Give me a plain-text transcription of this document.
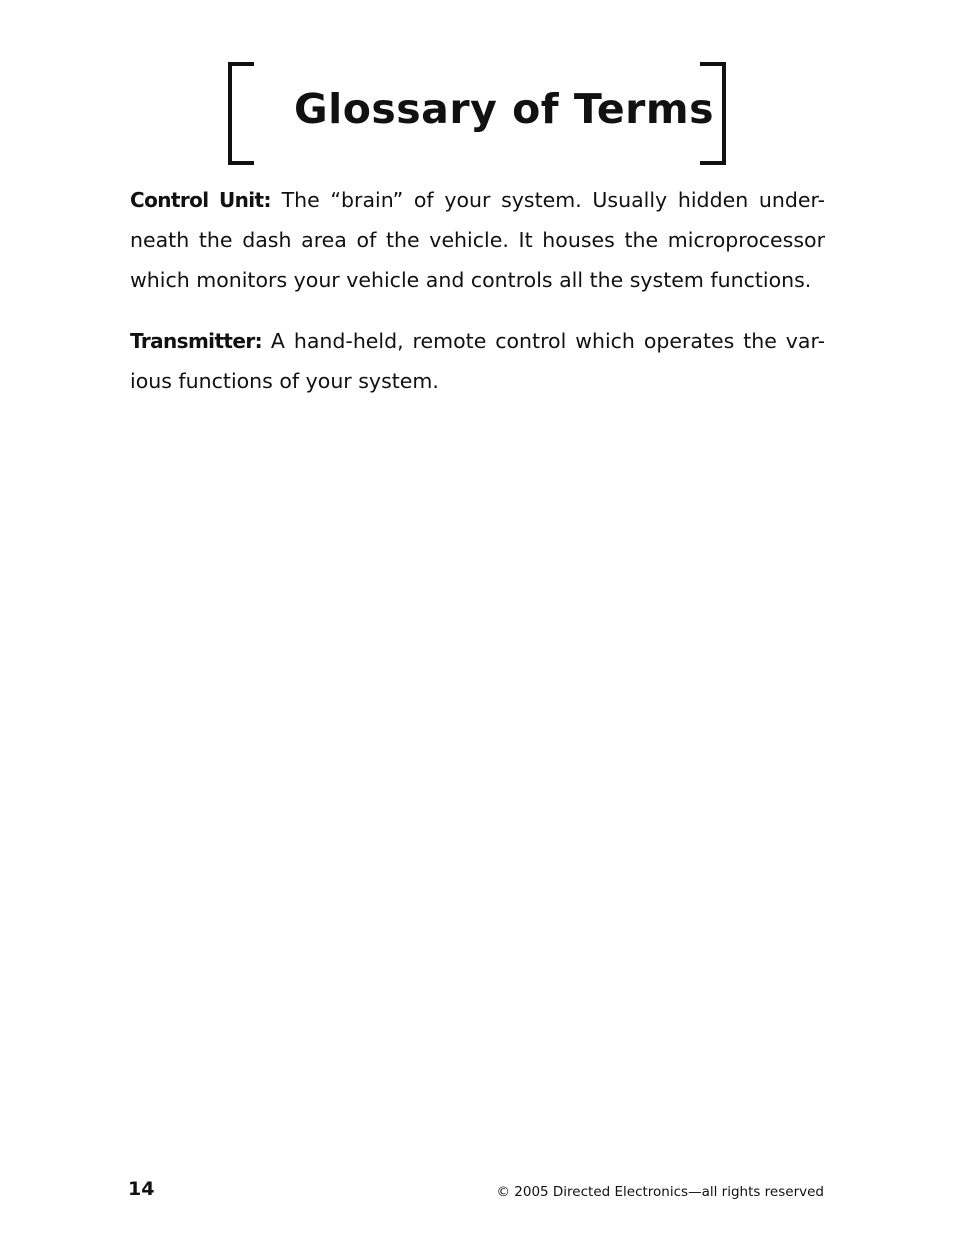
Glossary of Terms

Control Unit: The “brain” of your system. Usually hidden under-neath the dash area of the vehicle. It houses the microprocessor which monitors your vehicle and controls all the system functions.

Transmitter: A hand-held, remote control which operates the var-ious functions of your system.

14	© 2005 Directed Electronics—all rights reserved
